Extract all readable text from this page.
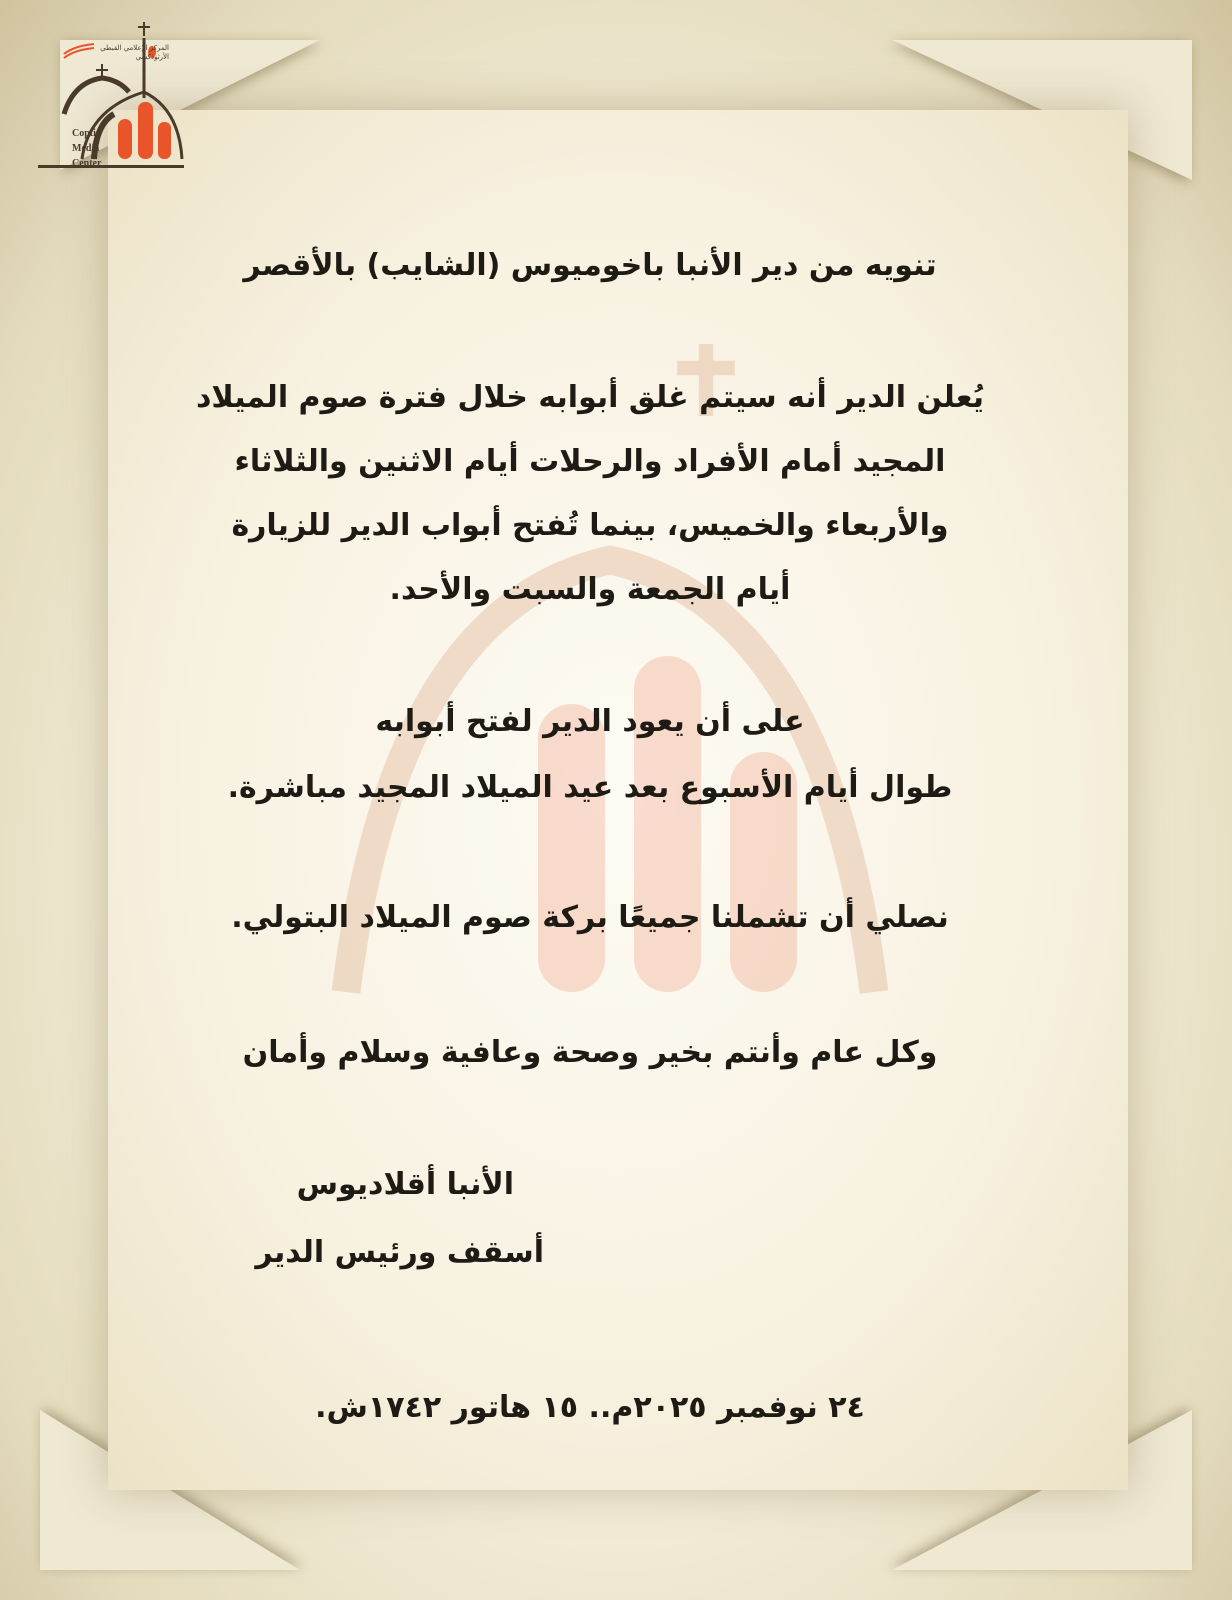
المركز الإعلامي القبطي الأرثوذكسي
Coptic
Media
Center
تنويه من دير الأنبا باخوميوس (الشايب) بالأقصر
يُعلن الدير أنه سيتم غلق أبوابه خلال فترة صوم الميلاد
المجيد أمام الأفراد والرحلات أيام الاثنين والثلاثاء
والأربعاء والخميس، بينما تُفتح أبواب الدير للزيارة
أيام الجمعة والسبت والأحد.
على أن يعود الدير لفتح أبوابه
طوال أيام الأسبوع بعد عيد الميلاد المجيد مباشرة.
نصلي أن تشملنا جميعًا بركة صوم الميلاد البتولي.
وكل عام وأنتم بخير وصحة وعافية وسلام وأمان
الأنبا أقلاديوس
أسقف ورئيس الدير
٢٤ نوفمبر ٢٠٢٥م.. ١٥ هاتور ١٧٤٢ش.
